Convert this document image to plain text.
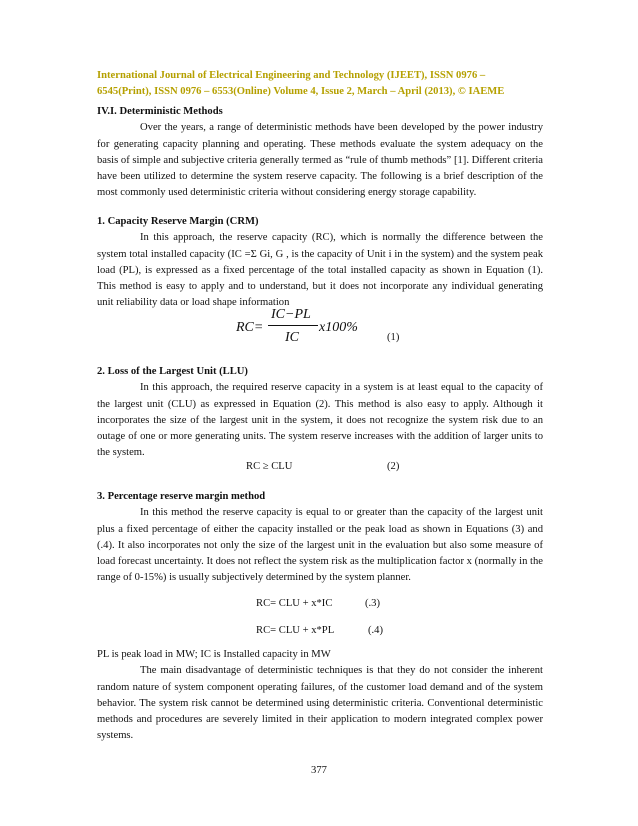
International Journal of Electrical Engineering and Technology (IJEET), ISSN 0976 –
6545(Print), ISSN 0976 – 6553(Online) Volume 4, Issue 2, March – April (2013), © IAEME
IV.I. Deterministic Methods
Over the years, a range of deterministic methods have been developed by the power industry for generating capacity planning and operating. These methods evaluate the system adequacy on the basis of simple and subjective criteria generally termed as “rule of thumb methods” [1]. Different criteria have been utilized to determine the system reserve capacity. The following is a brief description of the most commonly used deterministic criteria without considering energy storage capability.
1. Capacity Reserve Margin (CRM)
In this approach, the reserve capacity (RC), which is normally the difference between the system total installed capacity (IC =Σ Gi, G , is the capacity of Unit i in the system) and the system peak load (PL), is expressed as a fixed percentage of the total installed capacity as shown in Equation (1). This method is easy to apply and to understand, but it does not incorporate any individual generating unit reliability data or load shape information
RC=
IC−PL
IC
x100%
(1)
2. Loss of the Largest Unit (LLU)
In this approach, the required reserve capacity in a system is at least equal to the capacity of the largest unit (CLU) as expressed in Equation (2). This method is also easy to apply. Although it incorporates the size of the largest unit in the system, it does not recognize the system risk due to an outage of one or more generating units. The system reserve increases with the addition of larger units to the system.
RC ≥ CLU	(2)
3. Percentage reserve margin method
In this method the reserve capacity is equal to or greater than the capacity of the largest unit plus a fixed percentage of either the capacity installed or the peak load as shown in Equations (3) and (.4). It also incorporates not only the size of the largest unit in the evaluation but also some measure of load forecast uncertainty. It does not reflect the system risk as the multiplication factor x (normally in the range of 0-15%) is usually subjectively determined by the system planner.
RC= CLU + x*IC	(.3)
RC= CLU + x*PL	(.4)
PL is peak load in MW; IC is Installed capacity in MW
The main disadvantage of deterministic techniques is that they do not consider the inherent random nature of system component operating failures, of the customer load demand and of the system behavior. The system risk cannot be determined using deterministic criteria. Conventional deterministic methods and procedures are severely limited in their application to modern integrated complex power systems.
377
